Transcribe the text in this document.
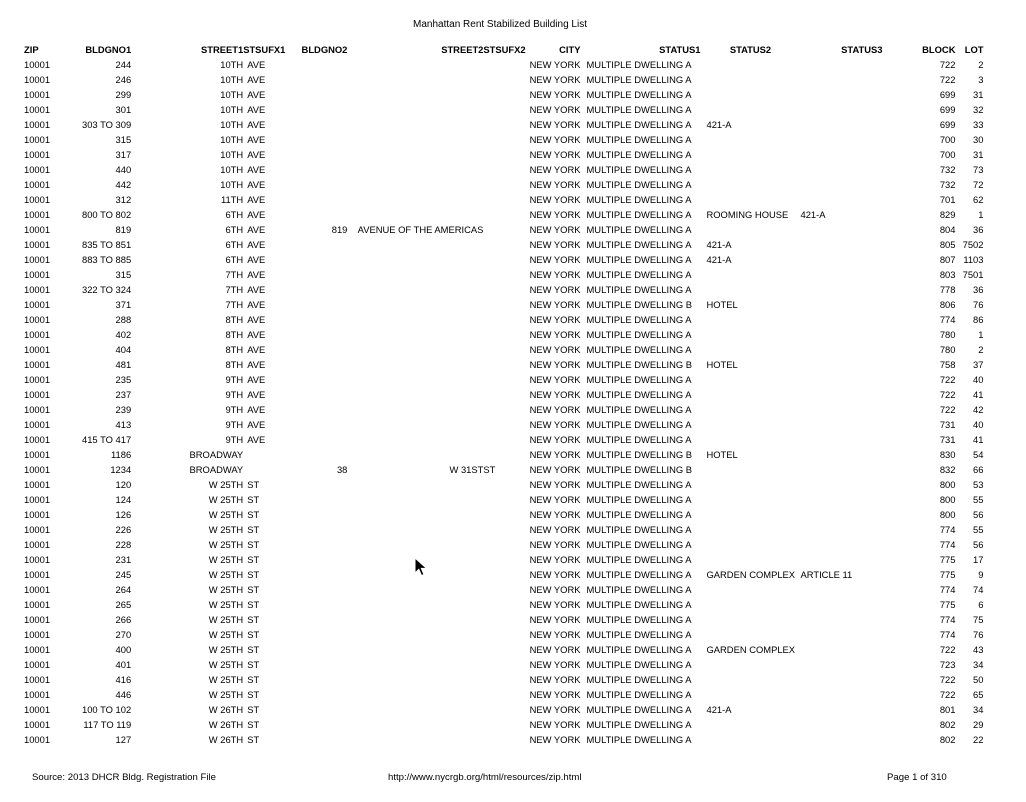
Manhattan Rent Stabilized Building List
ZIP	BLDGNO1	STREET1	STSUFX1	BLDGNO2	STREET2	STSUFX2	CITY	STATUS1	STATUS2	STATUS3	BLOCK	LOT
10001	244	10TH	AVE				NEW YORK	MULTIPLE DWELLING A			722	2
10001	246	10TH	AVE				NEW YORK	MULTIPLE DWELLING A			722	3
10001	299	10TH	AVE				NEW YORK	MULTIPLE DWELLING A			699	31
10001	301	10TH	AVE				NEW YORK	MULTIPLE DWELLING A			699	32
10001	303 TO 309	10TH	AVE				NEW YORK	MULTIPLE DWELLING A	421-A		699	33
10001	315	10TH	AVE				NEW YORK	MULTIPLE DWELLING A			700	30
10001	317	10TH	AVE				NEW YORK	MULTIPLE DWELLING A			700	31
10001	440	10TH	AVE				NEW YORK	MULTIPLE DWELLING A			732	73
10001	442	10TH	AVE				NEW YORK	MULTIPLE DWELLING A			732	72
10001	312	11TH	AVE				NEW YORK	MULTIPLE DWELLING A			701	62
10001	800 TO 802	6TH	AVE				NEW YORK	MULTIPLE DWELLING A	ROOMING HOUSE	421-A	829	1
10001	819	6TH	AVE	819	AVENUE OF THE AMERICAS		NEW YORK	MULTIPLE DWELLING A			804	36
10001	835 TO 851	6TH	AVE				NEW YORK	MULTIPLE DWELLING A	421-A		805	7502
10001	883 TO 885	6TH	AVE				NEW YORK	MULTIPLE DWELLING A	421-A		807	1103
10001	315	7TH	AVE				NEW YORK	MULTIPLE DWELLING A			803	7501
10001	322 TO 324	7TH	AVE				NEW YORK	MULTIPLE DWELLING A			778	36
10001	371	7TH	AVE				NEW YORK	MULTIPLE DWELLING B	HOTEL		806	76
10001	288	8TH	AVE				NEW YORK	MULTIPLE DWELLING A			774	86
10001	402	8TH	AVE				NEW YORK	MULTIPLE DWELLING A			780	1
10001	404	8TH	AVE				NEW YORK	MULTIPLE DWELLING A			780	2
10001	481	8TH	AVE				NEW YORK	MULTIPLE DWELLING B	HOTEL		758	37
10001	235	9TH	AVE				NEW YORK	MULTIPLE DWELLING A			722	40
10001	237	9TH	AVE				NEW YORK	MULTIPLE DWELLING A			722	41
10001	239	9TH	AVE				NEW YORK	MULTIPLE DWELLING A			722	42
10001	413	9TH	AVE				NEW YORK	MULTIPLE DWELLING A			731	40
10001	415 TO 417	9TH	AVE				NEW YORK	MULTIPLE DWELLING A			731	41
10001	1186	BROADWAY					NEW YORK	MULTIPLE DWELLING B	HOTEL		830	54
10001	1234	BROADWAY		38	W 31ST	ST	NEW YORK	MULTIPLE DWELLING B			832	66
10001	120	W 25TH	ST				NEW YORK	MULTIPLE DWELLING A			800	53
10001	124	W 25TH	ST				NEW YORK	MULTIPLE DWELLING A			800	55
10001	126	W 25TH	ST				NEW YORK	MULTIPLE DWELLING A			800	56
10001	226	W 25TH	ST				NEW YORK	MULTIPLE DWELLING A			774	55
10001	228	W 25TH	ST				NEW YORK	MULTIPLE DWELLING A			774	56
10001	231	W 25TH	ST				NEW YORK	MULTIPLE DWELLING A			775	17
10001	245	W 25TH	ST				NEW YORK	MULTIPLE DWELLING A	GARDEN COMPLEX	ARTICLE 11	775	9
10001	264	W 25TH	ST				NEW YORK	MULTIPLE DWELLING A			774	74
10001	265	W 25TH	ST				NEW YORK	MULTIPLE DWELLING A			775	6
10001	266	W 25TH	ST				NEW YORK	MULTIPLE DWELLING A			774	75
10001	270	W 25TH	ST				NEW YORK	MULTIPLE DWELLING A			774	76
10001	400	W 25TH	ST				NEW YORK	MULTIPLE DWELLING A	GARDEN COMPLEX		722	43
10001	401	W 25TH	ST				NEW YORK	MULTIPLE DWELLING A			723	34
10001	416	W 25TH	ST				NEW YORK	MULTIPLE DWELLING A			722	50
10001	446	W 25TH	ST				NEW YORK	MULTIPLE DWELLING A			722	65
10001	100 TO 102	W 26TH	ST				NEW YORK	MULTIPLE DWELLING A	421-A		801	34
10001	117 TO 119	W 26TH	ST				NEW YORK	MULTIPLE DWELLING A			802	29
10001	127	W 26TH	ST				NEW YORK	MULTIPLE DWELLING A			802	22
Source: 2013 DHCR Bldg. Registration File	http://www.nycrgb.org/html/resources/zip.html	Page 1 of 310
